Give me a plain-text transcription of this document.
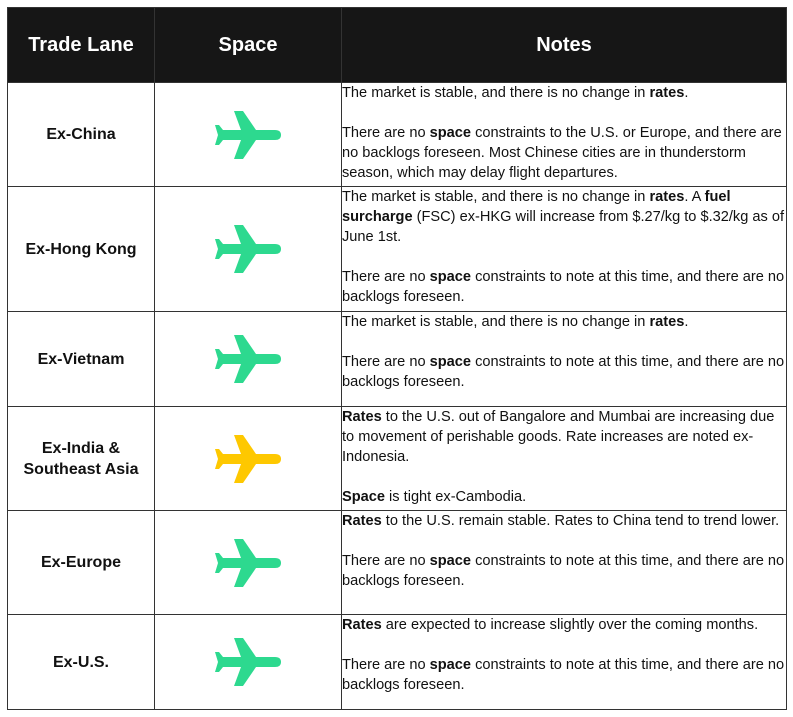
Trade Lane	Space	Notes
Ex-China		The market is stable, and there is no change in rates.

There are no space constraints to the U.S. or Europe, and there are no backlogs foreseen. Most Chinese cities are in thunderstorm season, which may delay flight departures.

Ex-Hong Kong		The market is stable, and there is no change in rates. A fuel surcharge (FSC) ex-HKG will increase from $.27/kg to $.32/kg as of June 1st.

There are no space constraints to note at this time, and there are no backlogs foreseen.

Ex-Vietnam		The market is stable, and there is no change in rates.

There are no space constraints to note at this time, and there are no backlogs foreseen.

Ex-India & Southeast Asia		Rates to the U.S. out of Bangalore and Mumbai are increasing due to movement of perishable goods. Rate increases are noted ex-Indonesia.

Space is tight ex-Cambodia.

Ex-Europe		Rates to the U.S. remain stable. Rates to China tend to trend lower.

There are no space constraints to note at this time, and there are no backlogs foreseen.

Ex-U.S.		Rates are expected to increase slightly over the coming months.

There are no space constraints to note at this time, and there are no backlogs foreseen.
